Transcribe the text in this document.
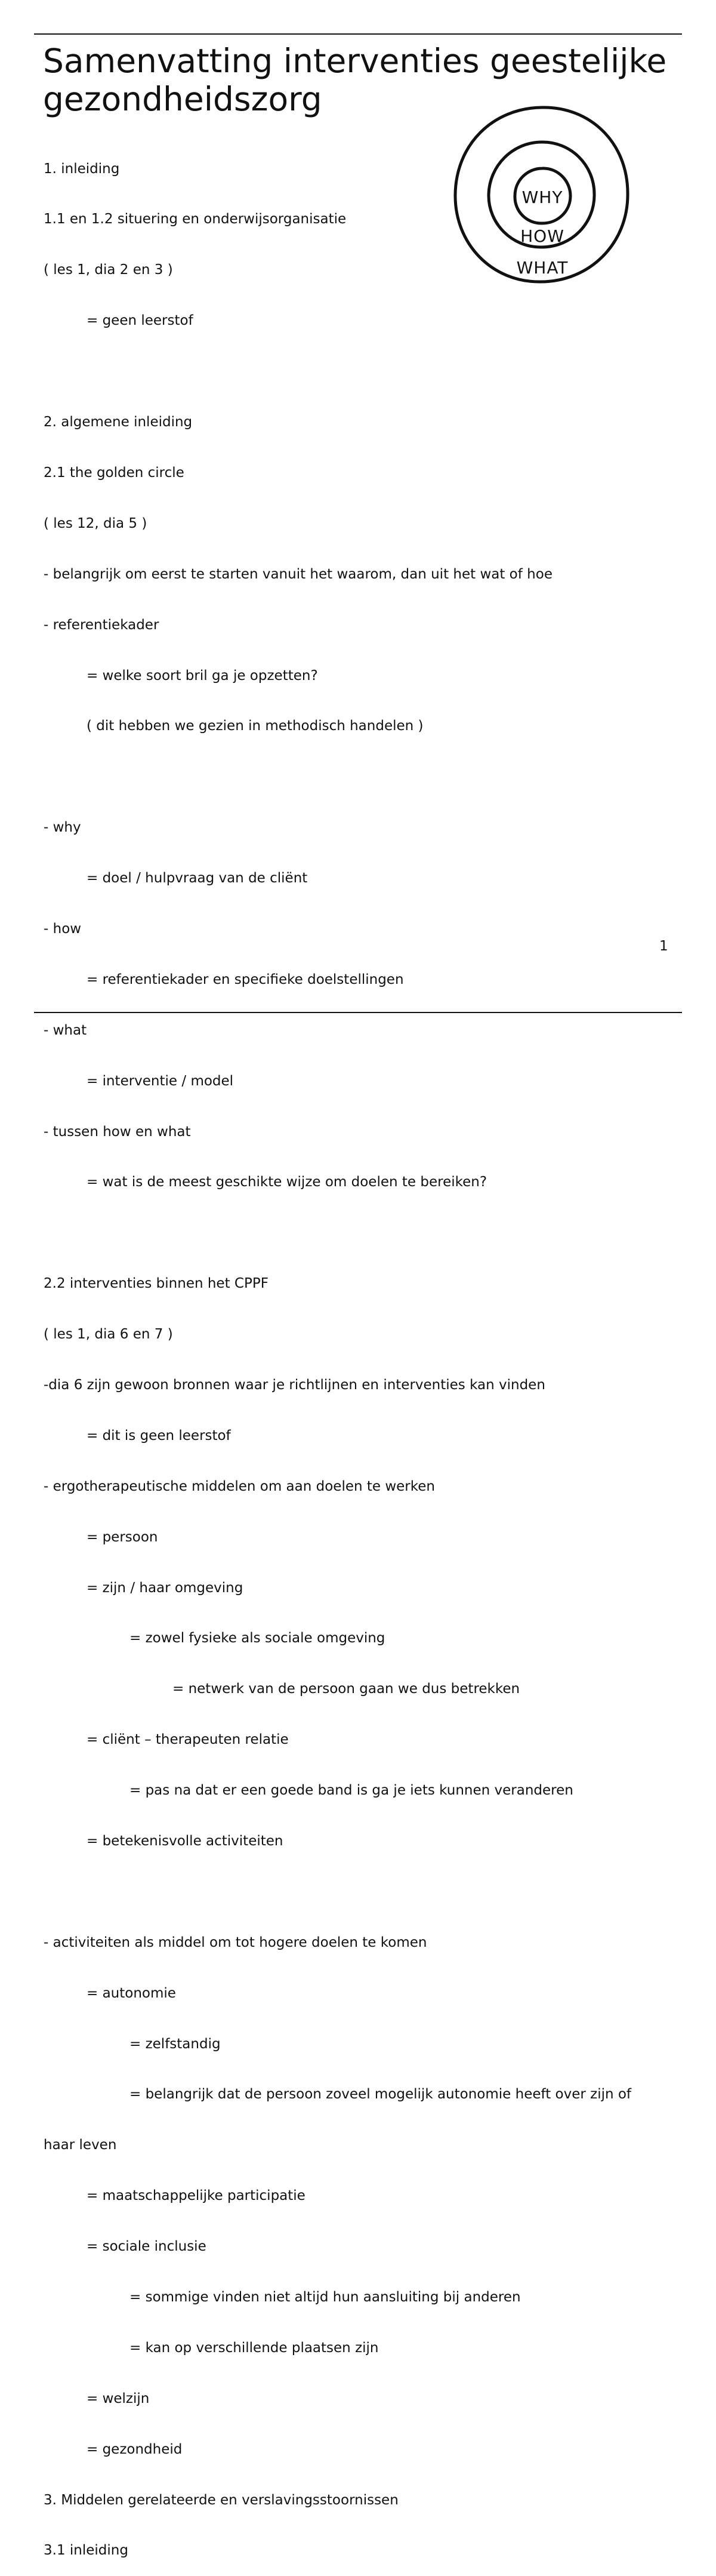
Samenvatting interventies geestelijke gezondheidszorg
WHY
HOW
WHAT

1. inleiding

1.1 en 1.2 situering en onderwijsorganisatie

( les 1, dia 2 en 3 )

= geen leerstof

2. algemene inleiding

2.1 the golden circle

( les 12, dia 5 )

- belangrijk om eerst te starten vanuit het waarom, dan uit het wat of hoe

- referentiekader

= welke soort bril ga je opzetten?

( dit hebben we gezien in methodisch handelen )

- why

= doel / hulpvraag van de cliënt

- how

= referentiekader en specifieke doelstellingen

- what

= interventie / model

- tussen how en what

= wat is de meest geschikte wijze om doelen te bereiken?

2.2 interventies binnen het CPPF

( les 1, dia 6 en 7 )

-dia 6 zijn gewoon bronnen waar je richtlijnen en interventies kan vinden

= dit is geen leerstof

- ergotherapeutische middelen om aan doelen te werken

= persoon

= zijn / haar omgeving

= zowel fysieke als sociale omgeving

= netwerk van de persoon gaan we dus betrekken

= cliënt – therapeuten relatie

= pas na dat er een goede band is ga je iets kunnen veranderen

= betekenisvolle activiteiten

- activiteiten als middel om tot hogere doelen te komen

= autonomie

= zelfstandig

= belangrijk dat de persoon zoveel mogelijk autonomie heeft over zijn of

haar leven

= maatschappelijke participatie

= sociale inclusie

= sommige vinden niet altijd hun aansluiting bij anderen

= kan op verschillende plaatsen zijn

= welzijn

= gezondheid

3. Middelen gerelateerde en verslavingsstoornissen

3.1 inleiding

1
